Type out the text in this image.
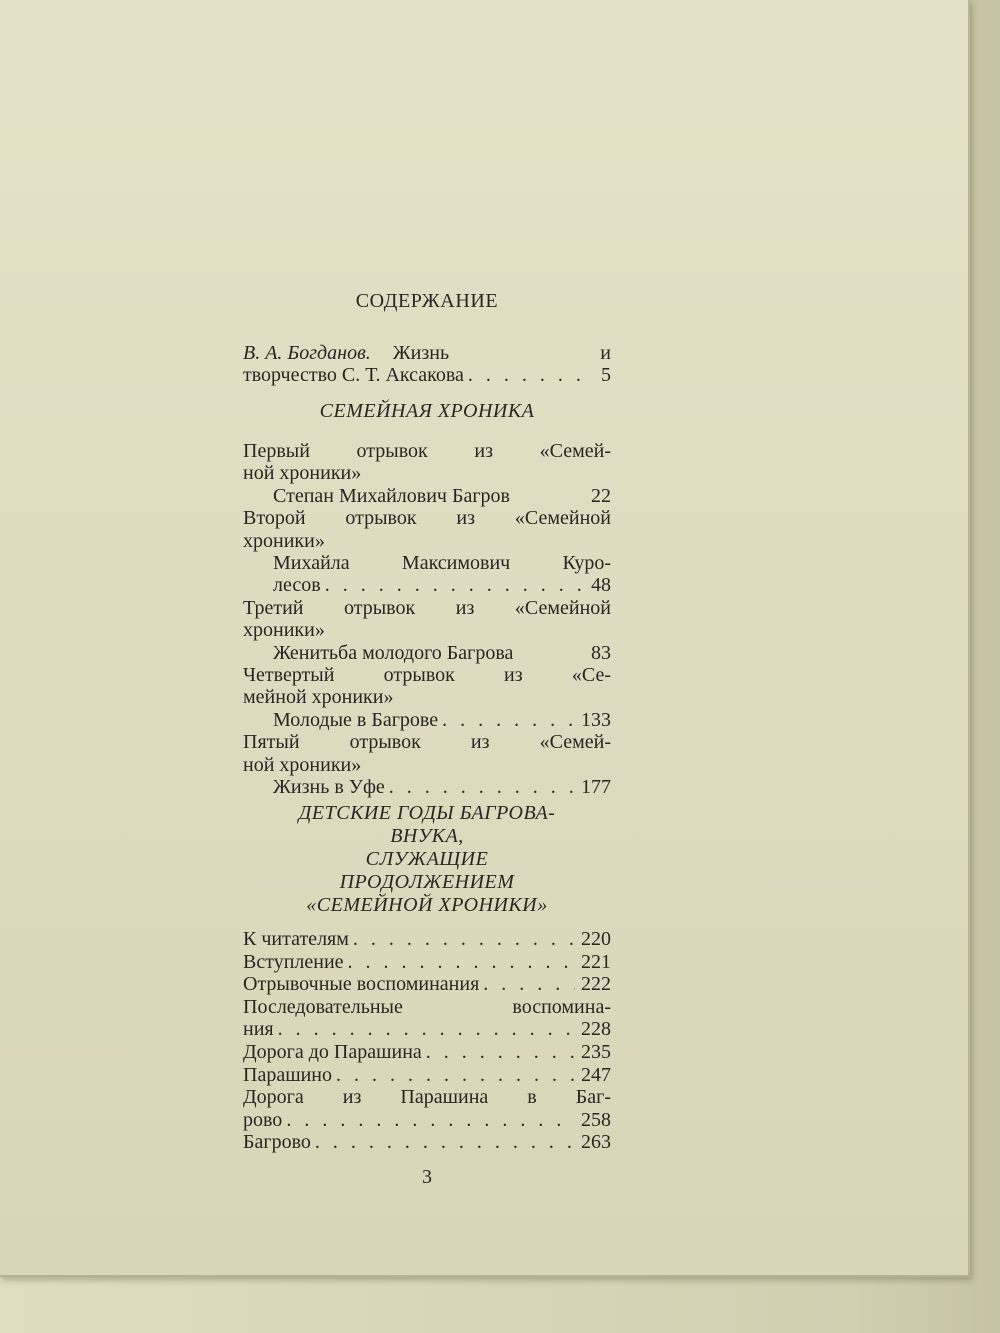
СОДЕРЖАНИЕ
В. А. Богданов.	Жизнь и
творчество С. Т. Аксакова . . .	5
СЕМЕЙНАЯ ХРОНИКА
Первый отрывок из «Семей-
ной хроники»
Степан Михайлович Багров	22
Второй отрывок из «Семейной
хроники»
Михайла Максимович Куро-
лесов . . .	48
Третий отрывок из «Семейной
хроники»
Женитьба молодого Багрова	83
Четвертый отрывок из «Се-
мейной хроники»
Молодые в Багрове . . .	133
Пятый отрывок из «Семей-
ной хроники»
Жизнь в Уфе . . .	177
ДЕТСКИЕ ГОДЫ БАГРОВА-
ВНУКА,
СЛУЖАЩИЕ
ПРОДОЛЖЕНИЕМ
«СЕМЕЙНОЙ ХРОНИКИ»
К читателям . . .	220
Вступление . . .	221
Отрывочные воспоминания . . .	222
Последовательные воспомина-
ния . . .	228
Дорога до Парашина . . .	235
Парашино . . .	247
Дорога из Парашина в Баг-
рово . . .	258
Багрово . . .	263
3
